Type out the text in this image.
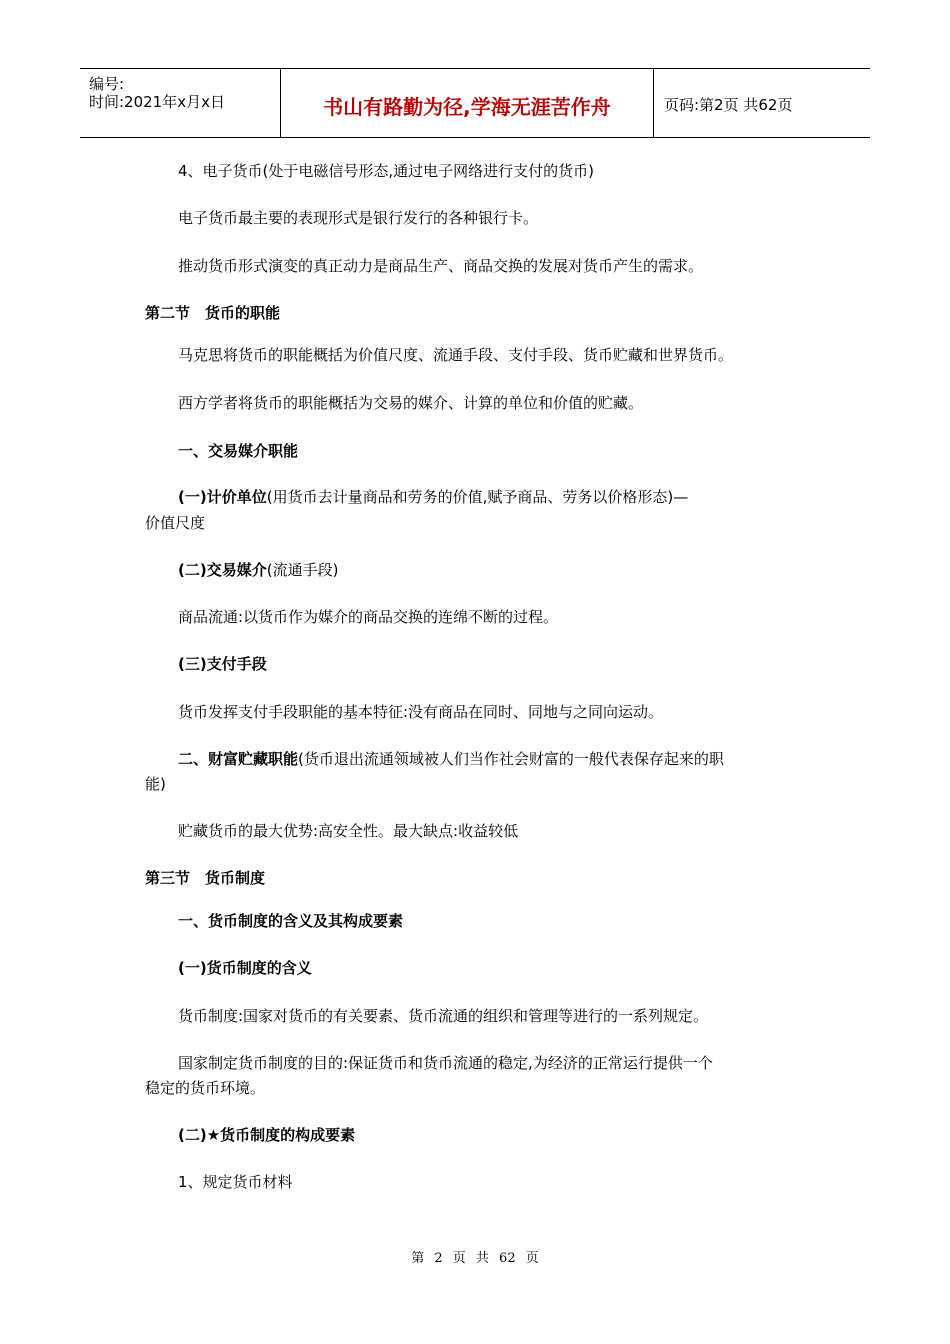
编号:
时间:2021年x月x日	书山有路勤为径,学海无涯苦作舟	页码:第2页 共62页
4、电子货币(处于电磁信号形态,通过电子网络进行支付的货币)
电子货币最主要的表现形式是银行发行的各种银行卡。
推动货币形式演变的真正动力是商品生产、商品交换的发展对货币产生的需求。
第二节　货币的职能
马克思将货币的职能概括为价值尺度、流通手段、支付手段、货币贮藏和世界货币。
西方学者将货币的职能概括为交易的媒介、计算的单位和价值的贮藏。
一、交易媒介职能
(一)计价单位(用货币去计量商品和劳务的价值,赋予商品、劳务以价格形态)—
价值尺度
(二)交易媒介(流通手段)
商品流通:以货币作为媒介的商品交换的连绵不断的过程。
(三)支付手段
货币发挥支付手段职能的基本特征:没有商品在同时、同地与之同向运动。
二、财富贮藏职能(货币退出流通领域被人们当作社会财富的一般代表保存起来的职
能)
贮藏货币的最大优势:高安全性。最大缺点:收益较低
第三节　货币制度
一、货币制度的含义及其构成要素
(一)货币制度的含义
货币制度:国家对货币的有关要素、货币流通的组织和管理等进行的一系列规定。
国家制定货币制度的目的:保证货币和货币流通的稳定,为经济的正常运行提供一个
稳定的货币环境。
(二)★货币制度的构成要素
1、规定货币材料
第 2 页 共 62 页
